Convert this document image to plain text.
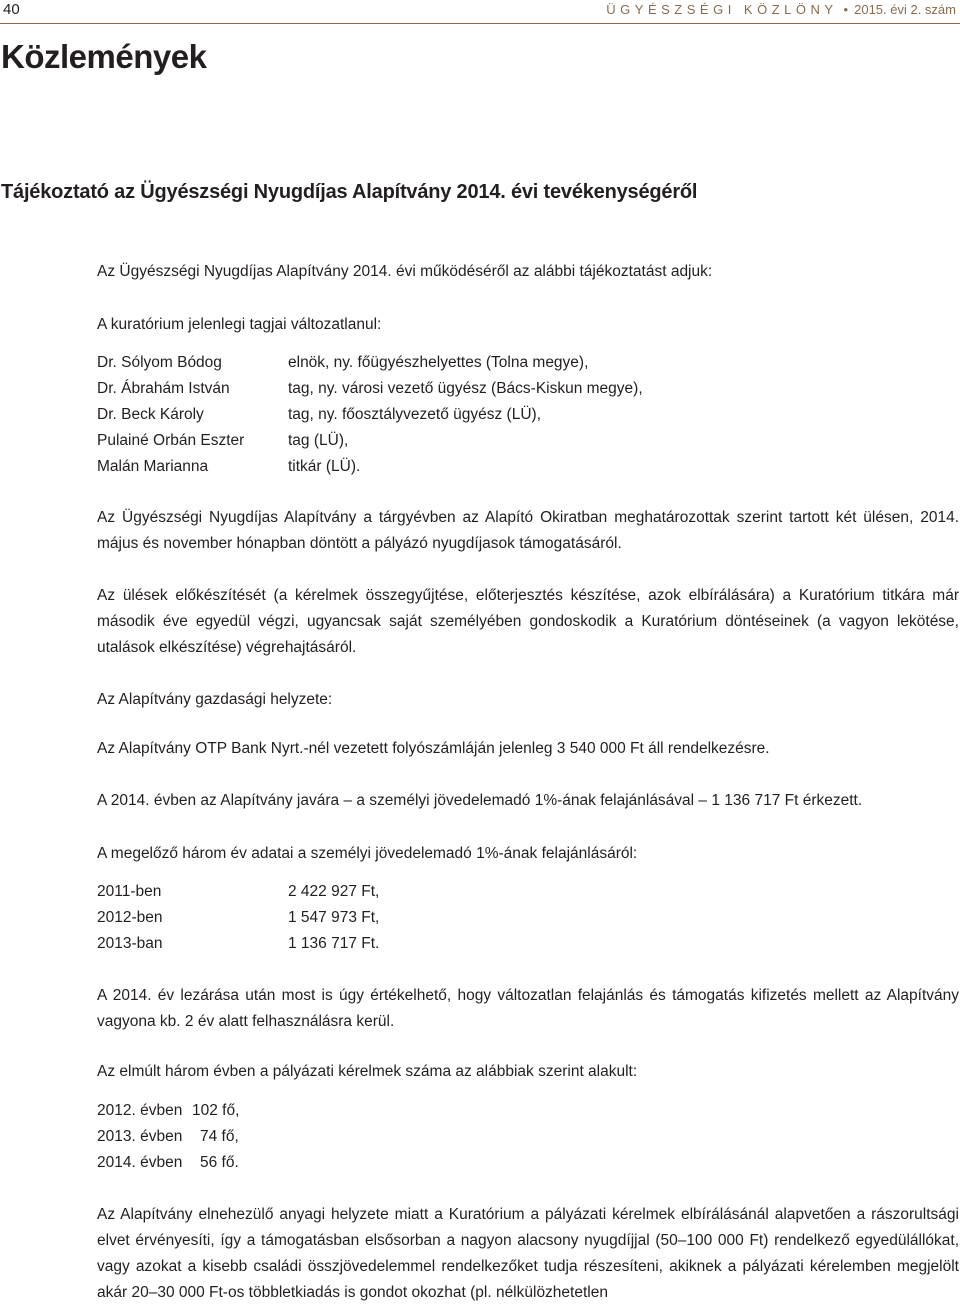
40	ÜGYÉSZSÉGI KÖZLÖNY • 2015. évi 2. szám
Közlemények
Tájékoztató az Ügyészségi Nyugdíjas Alapítvány 2014. évi tevékenységéről

Az Ügyészségi Nyugdíjas Alapítvány 2014. évi működéséről az alábbi tájékoztatást adjuk:

A kuratórium jelenlegi tagjai változatlanul:

Dr. Sólyom Bódog	elnök, ny. főügyészhelyettes (Tolna megye),
Dr. Ábrahám István	tag, ny. városi vezető ügyész (Bács-Kiskun megye),
Dr. Beck Károly	tag, ny. főosztályvezető ügyész (LÜ),
Pulainé Orbán Eszter	tag (LÜ),
Malán Marianna	titkár (LÜ).

Az Ügyészségi Nyugdíjas Alapítvány a tárgyévben az Alapító Okiratban meghatározottak szerint tartott két ülésen, 2014. május és november hónapban döntött a pályázó nyugdíjasok támogatásáról.

Az ülések előkészítését (a kérelmek összegyűjtése, előterjesztés készítése, azok elbírálására) a Kuratórium titkára már második éve egyedül végzi, ugyancsak saját személyében gondoskodik a Kuratórium döntéseinek (a vagyon lekötése, utalások elkészítése) végrehajtásáról.

Az Alapítvány gazdasági helyzete:

Az Alapítvány OTP Bank Nyrt.-nél vezetett folyószámláján jelenleg 3 540 000 Ft áll rendelkezésre.

A 2014. évben az Alapítvány javára – a személyi jövedelemadó 1%-ának felajánlásával – 1 136 717 Ft érkezett.

A megelőző három év adatai a személyi jövedelemadó 1%-ának felajánlásáról:

2011-ben	2 422 927 Ft,
2012-ben	1 547 973 Ft,
2013-ban	1 136 717 Ft.

A 2014. év lezárása után most is úgy értékelhető, hogy változatlan felajánlás és támogatás kifizetés mellett az Alapítvány vagyona kb. 2 év alatt felhasználásra kerül.

Az elmúlt három évben a pályázati kérelmek száma az alábbiak szerint alakult:

2012. évben 102 fő,
2013. évben 74 fő,
2014. évben 56 fő.

Az Alapítvány elnehezülő anyagi helyzete miatt a Kuratórium a pályázati kérelmek elbírálásánál alapvetően a rászorultsági elvet érvényesíti, így a támogatásban elsősorban a nagyon alacsony nyugdíjjal (50–100 000 Ft) rendelkező egyedülállókat, vagy azokat a kisebb családi összjövedelemmel rendelkezőket tudja részesíteni, akiknek a pályázati kérelemben megjelölt akár 20–30 000 Ft-os többletkiadás is gondot okozhat (pl. nélkülözhetetlen
